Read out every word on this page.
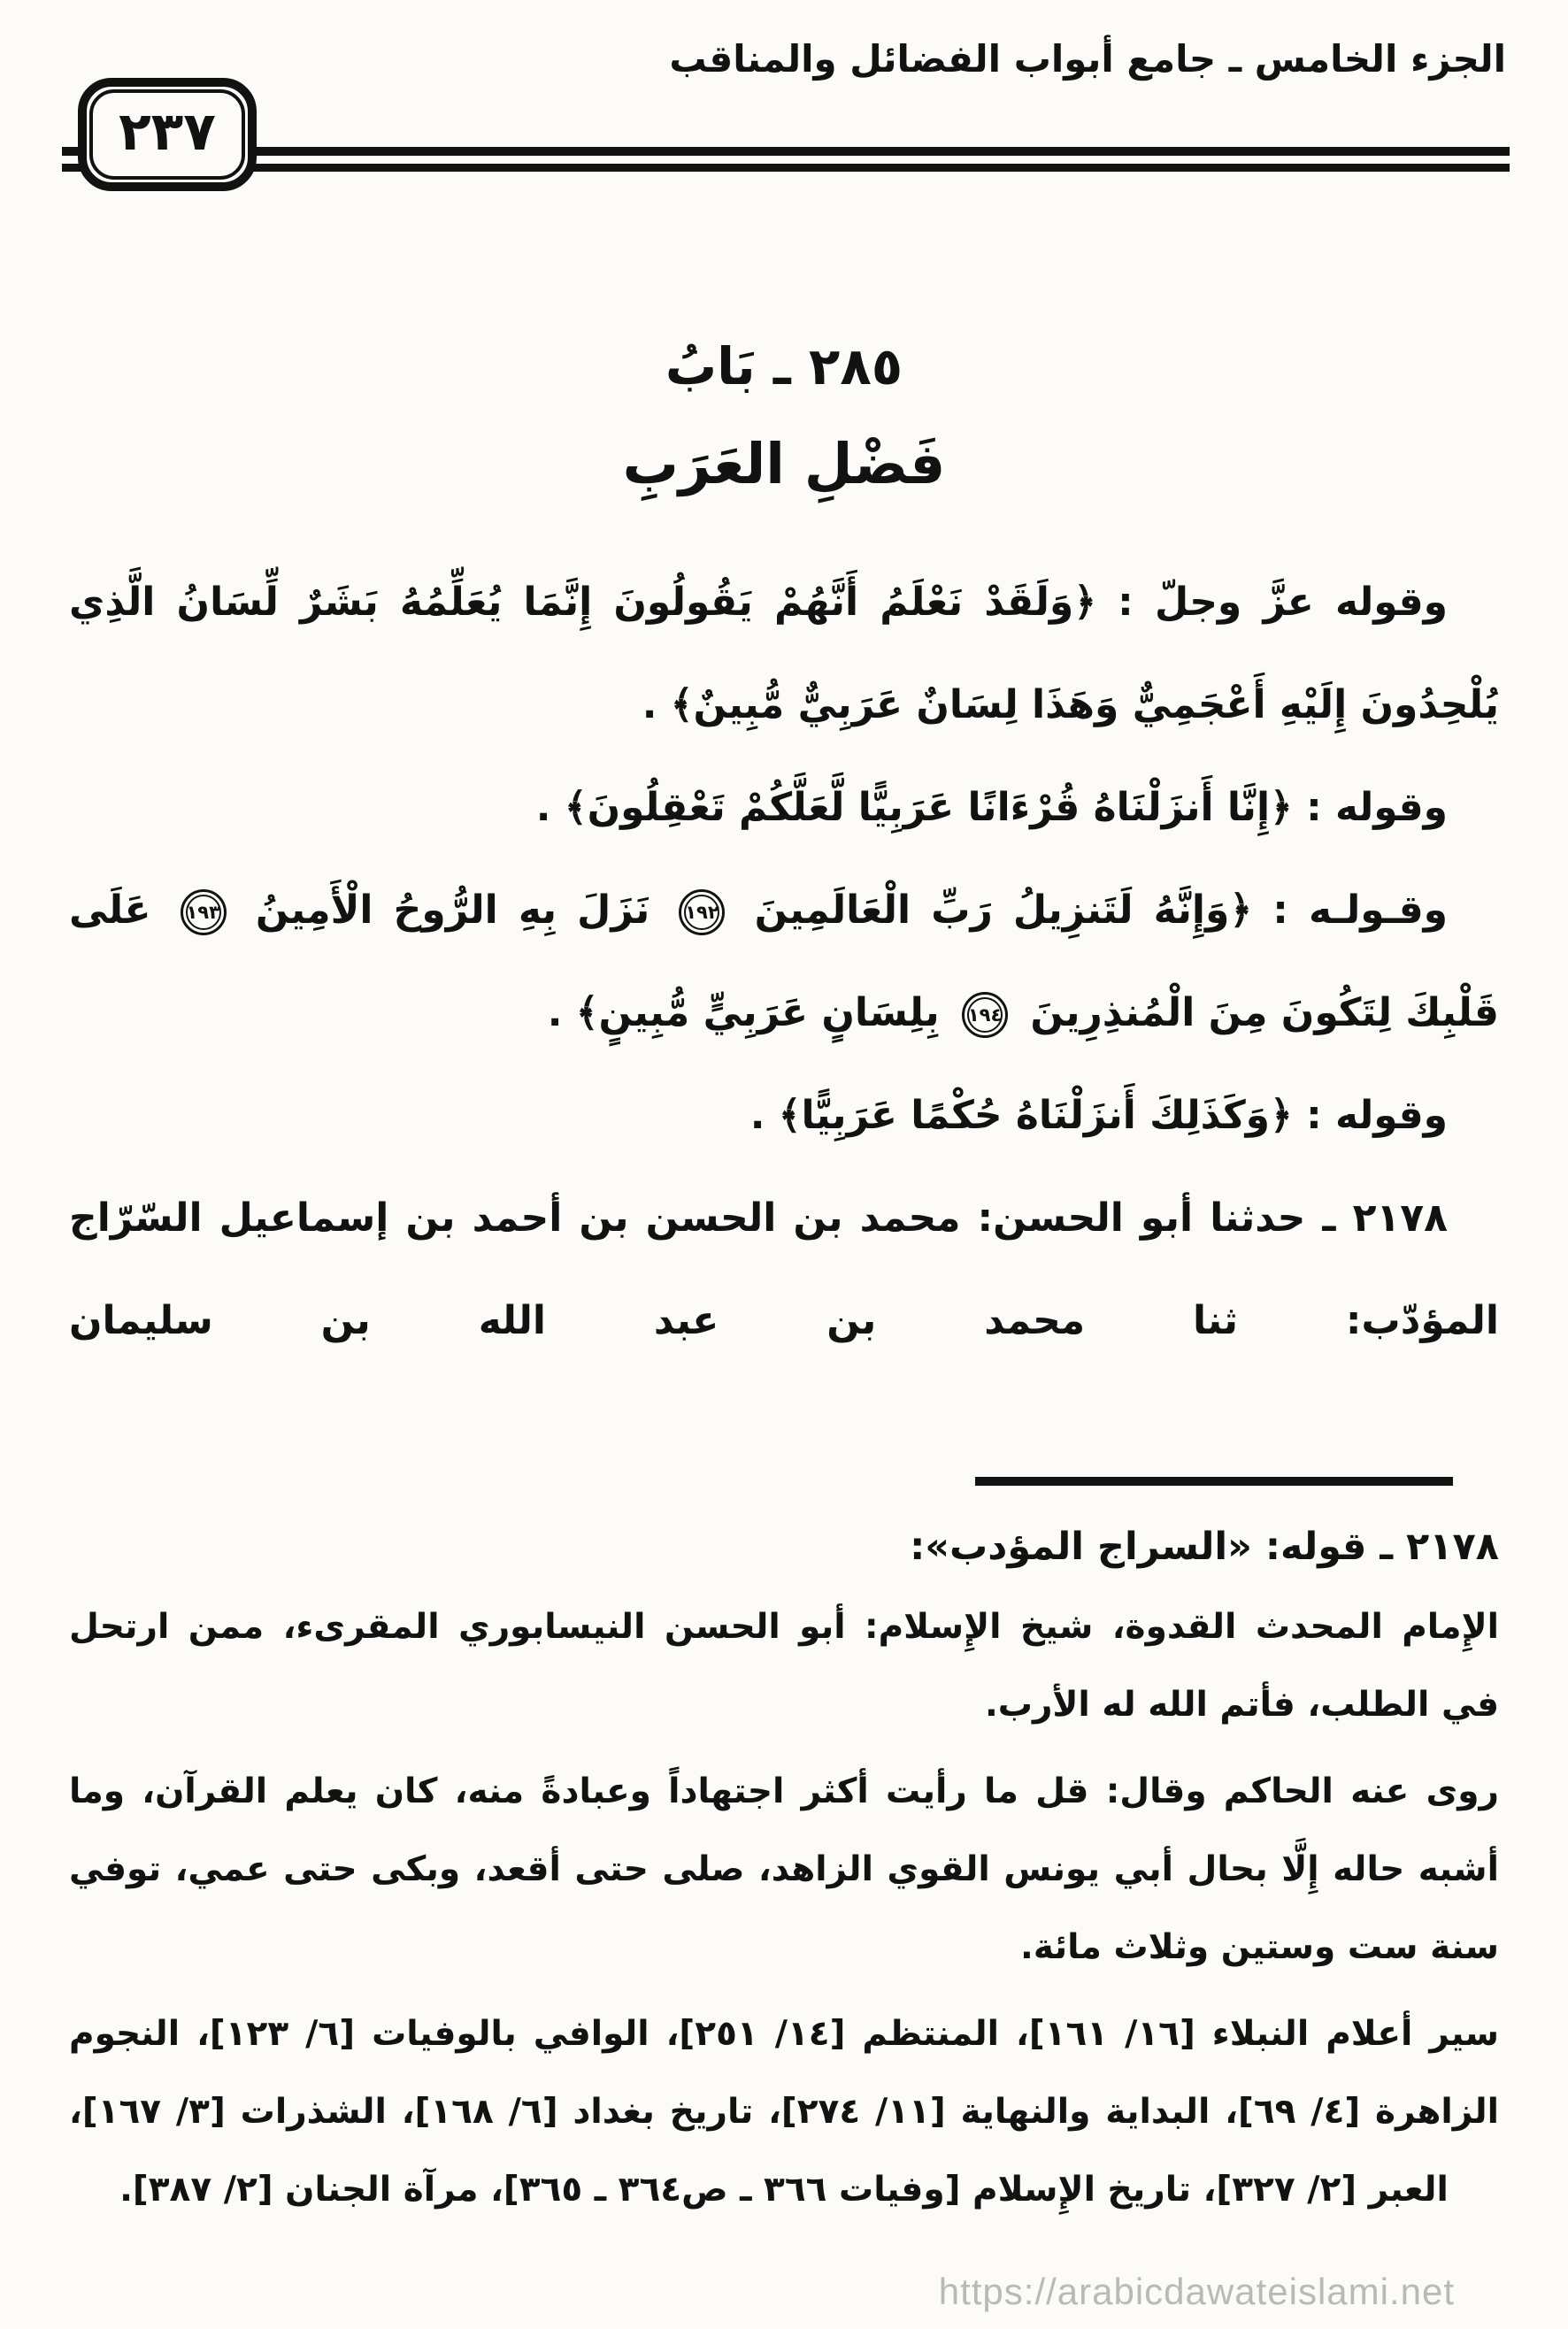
الجزء الخامس ـ جامع أبواب الفضائل والمناقب
٢٣٧
٢٨٥ ـ بَابُ
فَضْلِ العَرَبِ

وقوله عزَّ وجلّ : ﴿وَلَقَدْ نَعْلَمُ أَنَّهُمْ يَقُولُونَ إِنَّمَا يُعَلِّمُهُ بَشَرٌ لِّسَانُ الَّذِي يُلْحِدُونَ إِلَيْهِ أَعْجَمِيٌّ وَهَذَا لِسَانٌ عَرَبِيٌّ مُّبِينٌ﴾ .

وقوله : ﴿إِنَّا أَنزَلْنَاهُ قُرْءَانًا عَرَبِيًّا لَّعَلَّكُمْ تَعْقِلُونَ﴾ .

وقـولـه : ﴿وَإِنَّهُ لَتَنزِيلُ رَبِّ الْعَالَمِينَ
١٩٢
نَزَلَ بِهِ الرُّوحُ الْأَمِينُ
١٩٣
عَلَى قَلْبِكَ لِتَكُونَ مِنَ الْمُنذِرِينَ
١٩٤
بِلِسَانٍ عَرَبِيٍّ مُّبِينٍ﴾ .

وقوله : ﴿وَكَذَلِكَ أَنزَلْنَاهُ حُكْمًا عَرَبِيًّا﴾ .

٢١٧٨ ـ حدثنا أبو الحسن: محمد بن الحسن بن أحمد بن إسماعيل السّرّاج المؤدّب: ثنا محمد بن عبد الله بن سليمان

٢١٧٨ ـ قوله: «السراج المؤدب»:

الإِمام المحدث القدوة، شيخ الإِسلام: أبو الحسن النيسابوري المقرىء، ممن ارتحل في الطلب، فأتم الله له الأرب.

روى عنه الحاكم وقال: قل ما رأيت أكثر اجتهاداً وعبادةً منه، كان يعلم القرآن، وما أشبه حاله إِلَّا بحال أبي يونس القوي الزاهد، صلى حتى أقعد، وبكى حتى عمي، توفي سنة ست وستين وثلاث مائة.

سير أعلام النبلاء [١٦/ ١٦١]، المنتظم [١٤/ ٢٥١]، الوافي بالوفيات [٦/ ١٢٣]، النجوم الزاهرة [٤/ ٦٩]، البداية والنهاية [١١/ ٢٧٤]، تاريخ بغداد [٦/ ١٦٨]، الشذرات [٣/ ١٦٧]، العبر [٢/ ٣٢٧]، تاريخ الإِسلام [وفيات ٣٦٦ ـ ص٣٦٤ ـ ٣٦٥]، مرآة الجنان [٢/ ٣٨٧].

https://arabicdawateislami.net
